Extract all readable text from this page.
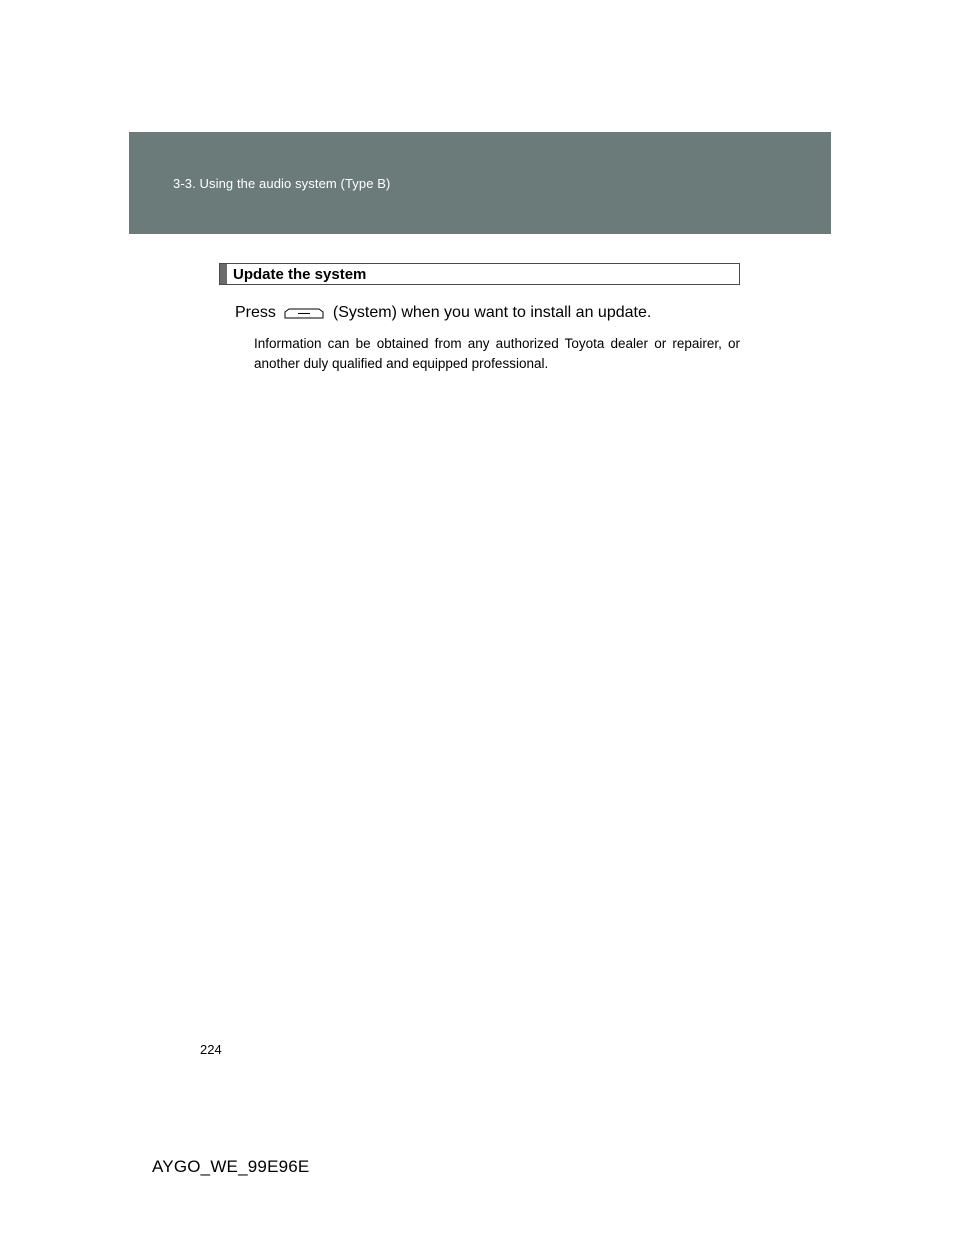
3-3. Using the audio system (Type B)
Update the system
Press	(System) when you want to install an update.
Information can be obtained from any authorized Toyota dealer or repairer, or another duly qualified and equipped professional.
224
AYGO_WE_99E96E
